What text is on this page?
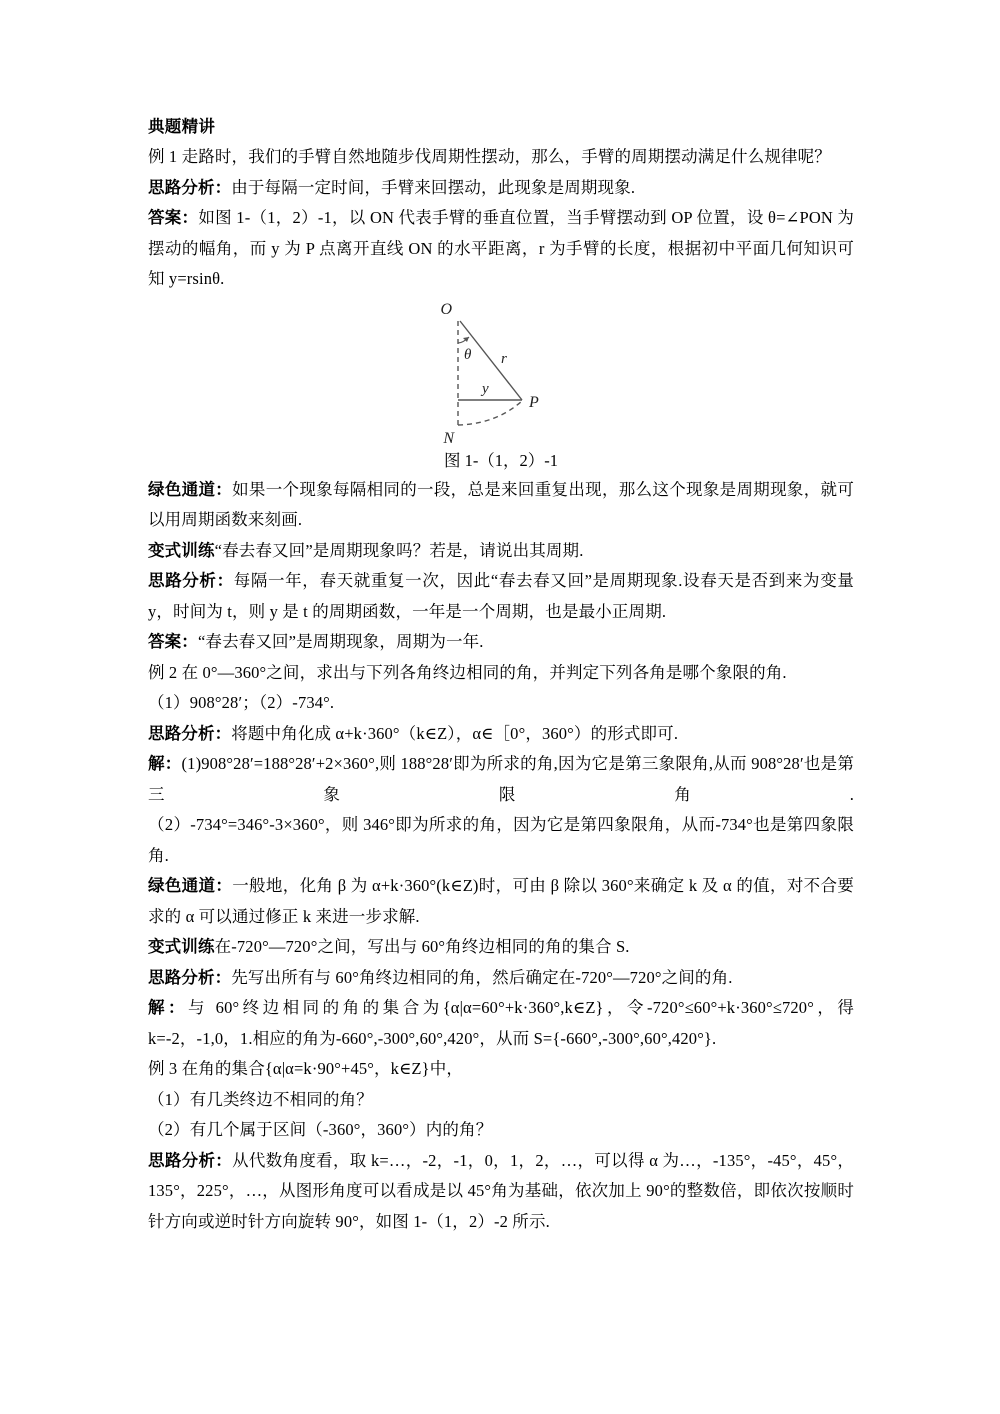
典题精讲

例 1 走路时，我们的手臂自然地随步伐周期性摆动，那么，手臂的周期摆动满足什么规律呢？

思路分析：由于每隔一定时间，手臂来回摆动，此现象是周期现象.

答案：如图 1-（1，2）-1，以 ON 代表手臂的垂直位置，当手臂摆动到 OP 位置，设 θ=∠PON 为摆动的幅角，而 y 为 P 点离开直线 ON 的水平距离，r 为手臂的长度，根据初中平面几何知识可知 y=rsinθ.

O
N
P
θ r
y

图 1-（1，2）-1

绿色通道：如果一个现象每隔相同的一段，总是来回重复出现，那么这个现象是周期现象，就可以用周期函数来刻画.

变式训练“春去春又回”是周期现象吗？若是，请说出其周期.

思路分析：每隔一年，春天就重复一次，因此“春去春又回”是周期现象.设春天是否到来为变量 y，时间为 t，则 y 是 t 的周期函数，一年是一个周期，也是最小正周期.

答案：“春去春又回”是周期现象，周期为一年.

例 2 在 0°—360°之间，求出与下列各角终边相同的角，并判定下列各角是哪个象限的角.

（1）908°28′；（2）-734°.

思路分析：将题中角化成 α+k·360°（k∈Z），α∈［0°，360°）的形式即可.

解：(1)908°28′=188°28′+2×360°,则 188°28′即为所求的角,因为它是第三象限角,从而 908°28′也是第三象限角.

（2）-734°=346°-3×360°，则 346°即为所求的角，因为它是第四象限角，从而-734°也是第四象限角.

绿色通道：一般地，化角 β 为 α+k·360°(k∈Z)时，可由 β 除以 360°来确定 k 及 α 的值，对不合要求的 α 可以通过修正 k 来进一步求解.

变式训练在-720°—720°之间，写出与 60°角终边相同的角的集合 S.

思路分析：先写出所有与 60°角终边相同的角，然后确定在-720°—720°之间的角.

解：与 60°终边相同的角的集合为{α|α=60°+k·360°,k∈Z}，令-720°≤60°+k·360°≤720°，得 k=-2，-1,0，1.相应的角为-660°,-300°,60°,420°，从而 S={-660°,-300°,60°,420°}.

例 3 在角的集合{α|α=k·90°+45°，k∈Z}中，

（1）有几类终边不相同的角？

（2）有几个属于区间（-360°，360°）内的角？

思路分析：从代数角度看，取 k=…，-2，-1，0，1，2，…，可以得 α 为…，-135°，-45°，45°，135°，225°，…，从图形角度可以看成是以 45°角为基础，依次加上 90°的整数倍，即依次按顺时针方向或逆时针方向旋转 90°，如图 1-（1，2）-2 所示.
